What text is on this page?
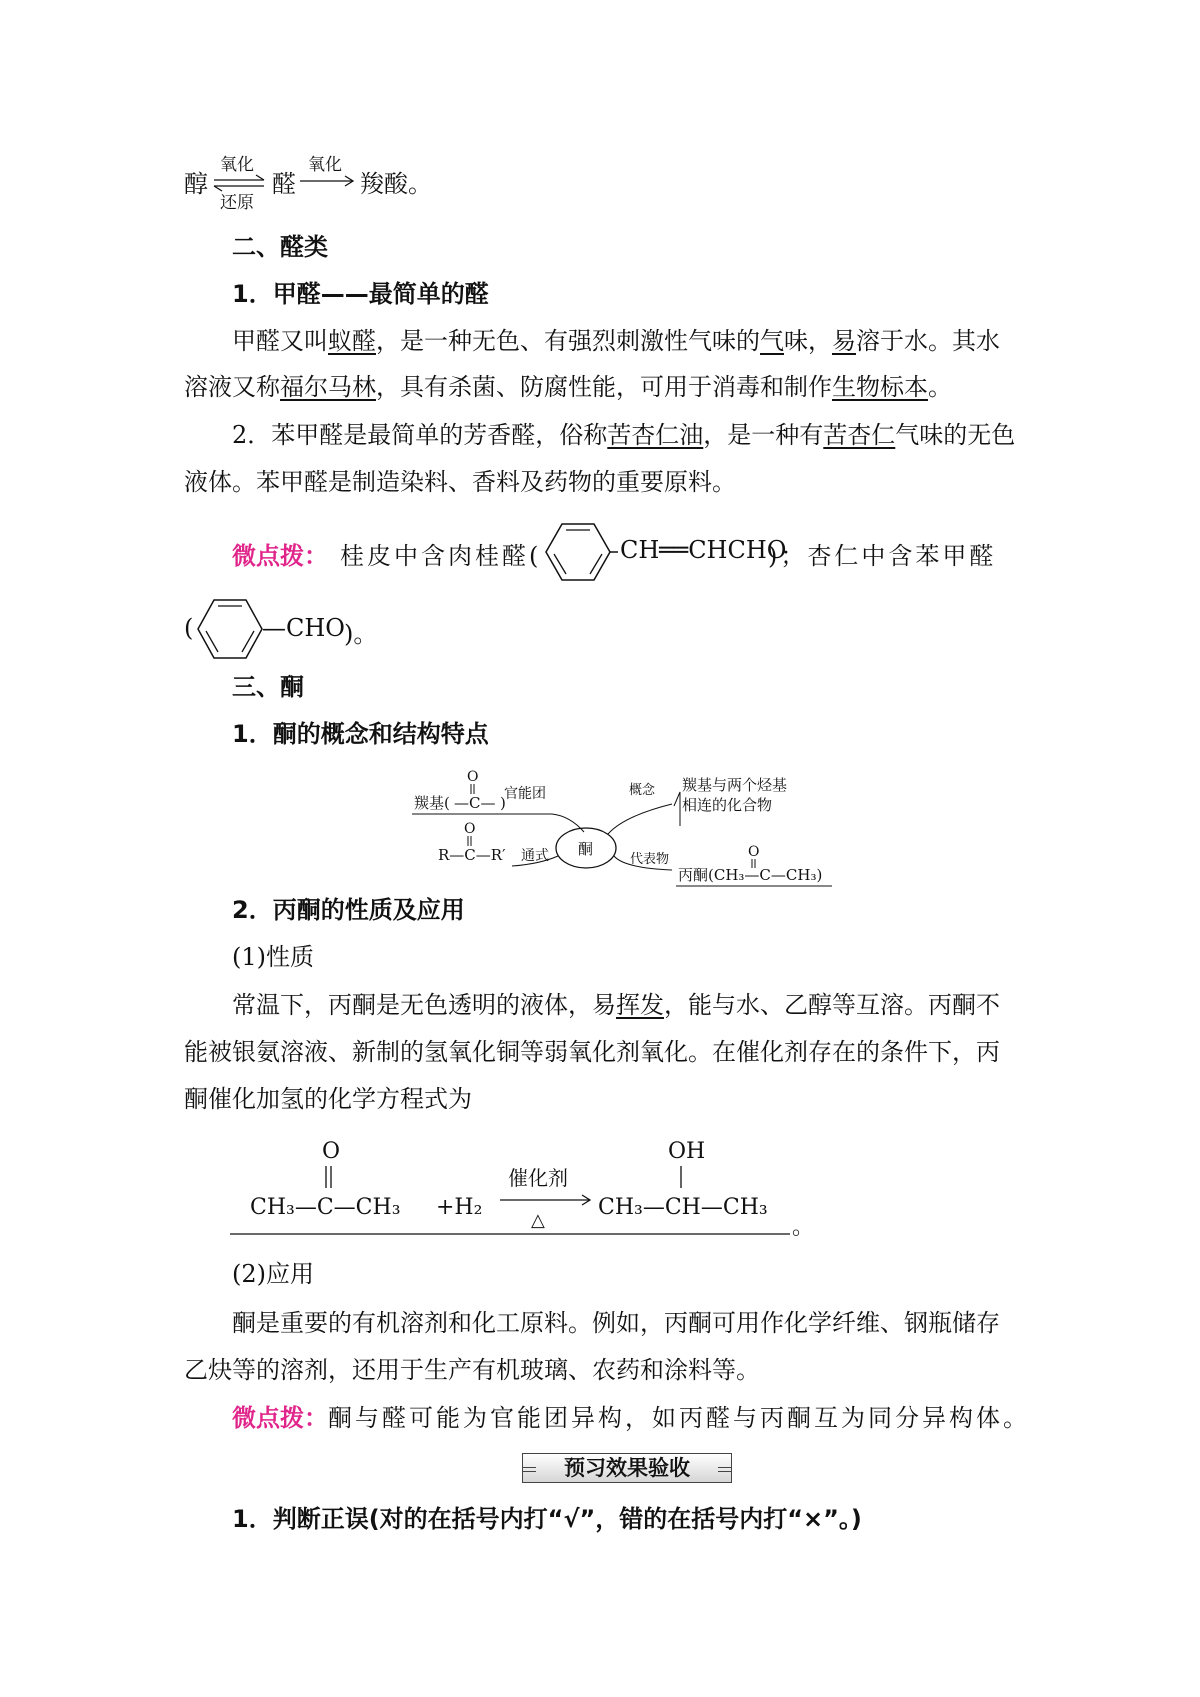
醇
氧化
还原
醛
氧化
羧酸。
二、醛类
1．甲醛——最简单的醛
甲醛又叫蚁醛，是一种无色、有强烈刺激性气味的气味，易溶于水。其水
溶液又称福尔马林，具有杀菌、防腐性能，可用于消毒和制作生物标本。
2．苯甲醛是最简单的芳香醛，俗称苦杏仁油，是一种有苦杏仁气味的无色
液体。苯甲醛是制造染料、香料及药物的重要原料。
微点拨： 桂皮中含肉桂醛(	CH══CHCHO
)；杏仁中含苯甲醛
(	—CHO )。
三、酮
1．酮的概念和结构特点
O
羰基( —C— )
官能团
酮
概念 羰基与两个烃基
相连的化合物
通式
O
R—C—R′	代表物	O
丙酮(CH₃—C—CH₃)
2．丙酮的性质及应用
(1)性质
常温下，丙酮是无色透明的液体，易挥发，能与水、乙醇等互溶。丙酮不
能被银氨溶液、新制的氢氧化铜等弱氧化剂氧化。在催化剂存在的条件下，丙
酮催化加氢的化学方程式为
O
CH₃—C—CH₃ +H₂
催化剂
△
OH
CH₃—CH—CH₃
。
(2)应用
酮是重要的有机溶剂和化工原料。例如，丙酮可用作化学纤维、钢瓶储存
乙炔等的溶剂，还用于生产有机玻璃、农药和涂料等。
微点拨：酮与醛可能为官能团异构，如丙醛与丙酮互为同分异构体。
预习效果验收
1．判断正误(对的在括号内打“√”，错的在括号内打“×”。)
